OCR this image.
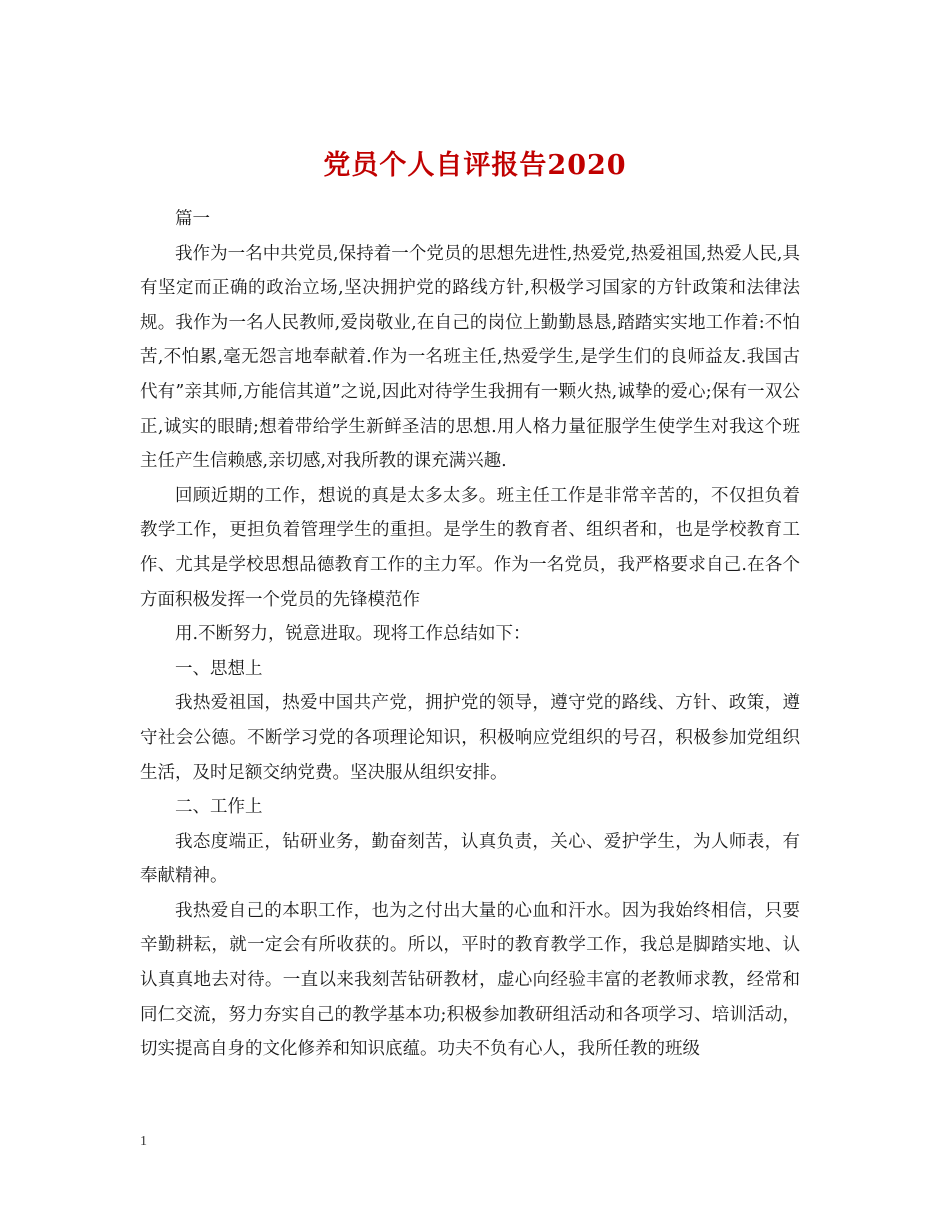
党员个人自评报告2020

篇一

我作为一名中共党员,保持着一个党员的思想先进性,热爱党,热爱祖国,热爱人民,具有坚定而正确的政治立场,坚决拥护党的路线方针,积极学习国家的方针政策和法律法规。我作为一名人民教师,爱岗敬业,在自己的岗位上勤勤恳恳,踏踏实实地工作着:不怕苦,不怕累,毫无怨言地奉献着.作为一名班主任,热爱学生,是学生们的良师益友.我国古代有”亲其师,方能信其道”之说,因此对待学生我拥有一颗火热,诚挚的爱心;保有一双公正,诚实的眼睛;想着带给学生新鲜圣洁的思想.用人格力量征服学生使学生对我这个班主任产生信赖感,亲切感,对我所教的课充满兴趣.

回顾近期的工作，想说的真是太多太多。班主任工作是非常辛苦的，不仅担负着教学工作，更担负着管理学生的重担。是学生的教育者、组织者和，也是学校教育工作、尤其是学校思想品德教育工作的主力军。作为一名党员，我严格要求自己.在各个方面积极发挥一个党员的先锋模范作

用.不断努力，锐意进取。现将工作总结如下：

一、思想上

我热爱祖国，热爱中国共产党，拥护党的领导，遵守党的路线、方针、政策，遵守社会公德。不断学习党的各项理论知识，积极响应党组织的号召，积极参加党组织生活，及时足额交纳党费。坚决服从组织安排。

二、工作上

我态度端正，钻研业务，勤奋刻苦，认真负责，关心、爱护学生，为人师表，有奉献精神。

我热爱自己的本职工作，也为之付出大量的心血和汗水。因为我始终相信，只要辛勤耕耘，就一定会有所收获的。所以，平时的教育教学工作，我总是脚踏实地、认认真真地去对待。一直以来我刻苦钻研教材，虚心向经验丰富的老教师求教，经常和同仁交流，努力夯实自己的教学基本功;积极参加教研组活动和各项学习、培训活动，切实提高自身的文化修养和知识底蕴。功夫不负有心人，我所任教的班级

1
